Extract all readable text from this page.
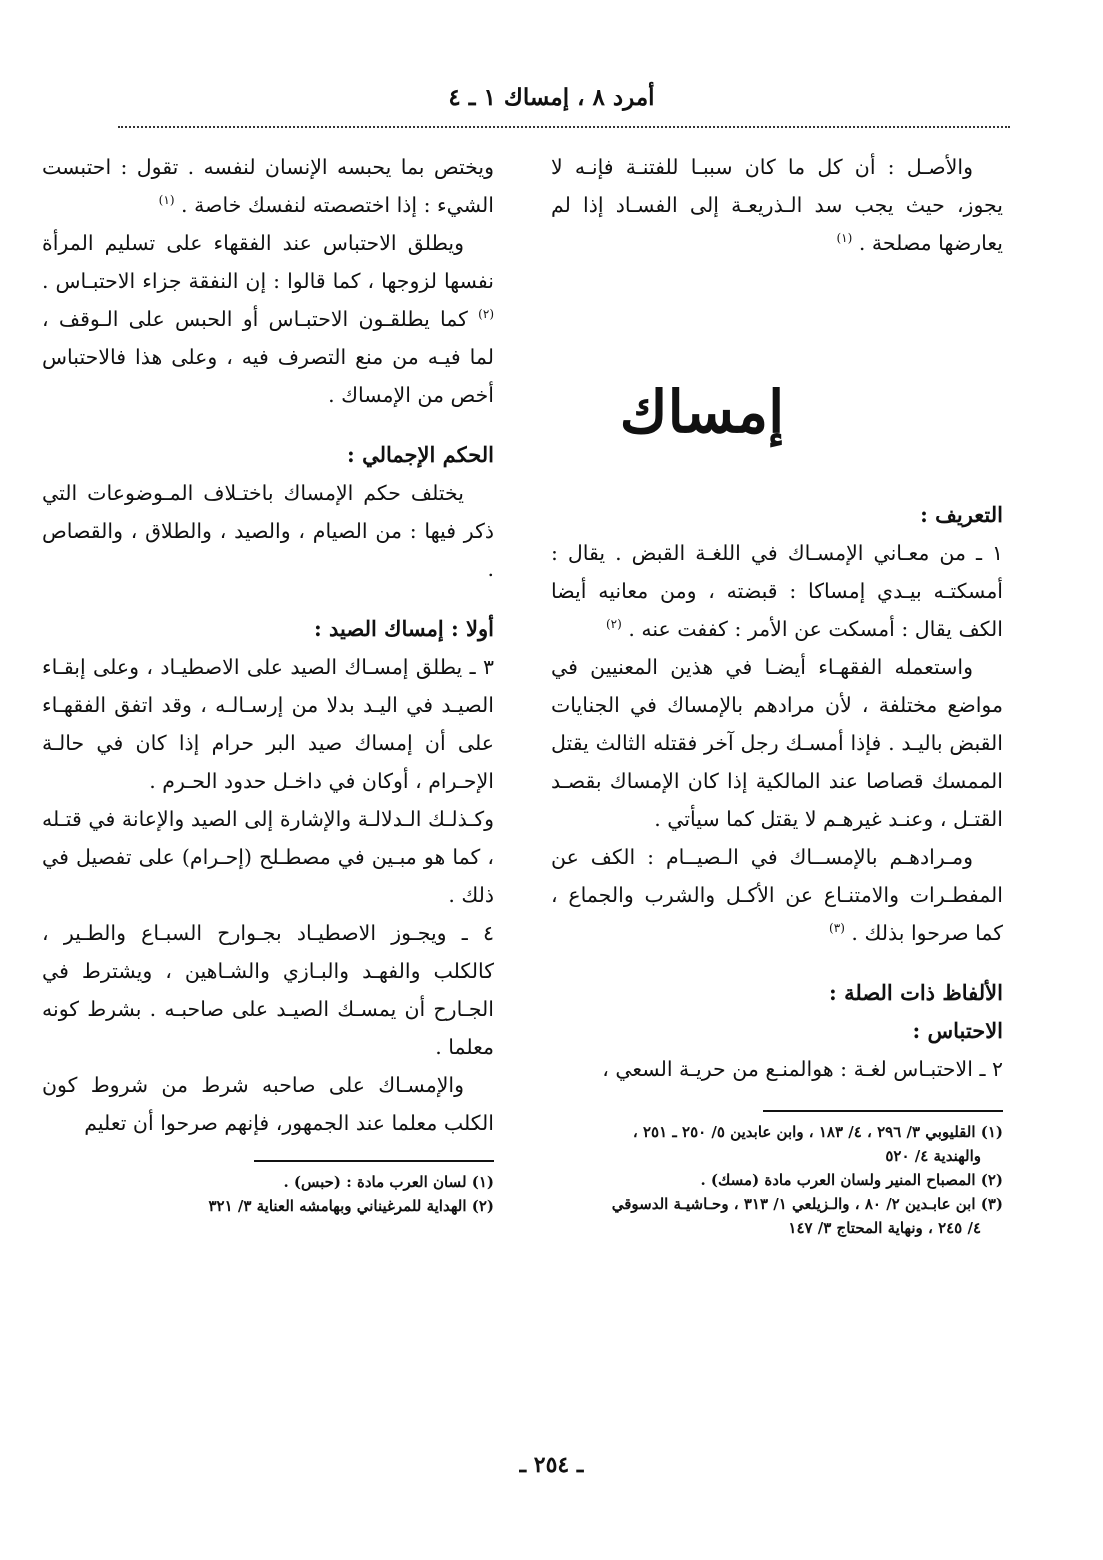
أمرد ٨ ، إمساك ١ ـ ٤

والأصـل : أن كل ما كان سببـا للفتنـة فإنـه لا يجوز، حيث يجب سد الـذريعـة إلى الفسـاد إذا لم يعارضها مصلحة . $^{(١)}$

إمساك

التعريف :

١ ـ من معـاني الإمسـاك في اللغـة القبض . يقال : أمسكتـه بيـدي إمساكا : قبضته ، ومن معانيه أيضا الكف يقال : أمسكت عن الأمر : كففت عنه . $^{(٢)}$

واستعمله الفقهـاء أيضـا في هذين المعنيين في مواضع مختلفة ، لأن مرادهم بالإمساك في الجنايات القبض باليـد . فإذا أمسـك رجل آخر فقتله الثالث يقتل الممسك قصاصا عند المالكية إذا كان الإمساك بقصـد القتـل ، وعنـد غيرهـم لا يقتل كما سيأتي .

ومـرادهـم بالإمســاك في الـصيــام : الكف عن المفطـرات والامتنـاع عن الأكـل والشرب والجماع ، كما صرحوا بذلك . $^{(٣)}$

الألفاظ ذات الصلة :

الاحتباس :

٢ ـ الاحتبـاس لغـة : هوالمنـع من حريـة السعي ،

(١) القليوبي ٣/ ٢٩٦ ، ٤/ ١٨٣ ، وابن عابدين ٥/ ٢٥٠ ـ ٢٥١ ،

والهندية ٤/ ٥٢٠

(٢) المصباح المنير ولسان العرب مادة (مسك) .

(٣) ابن عابـدين ٢/ ٨٠ ، والـزيلعي ١/ ٣١٣ ، وحـاشيـة الدسوقي

٤/ ٢٤٥ ، ونهاية المحتاج ٣/ ١٤٧

ويختص بما يحبسه الإنسان لنفسه . تقول : احتبست الشيء : إذا اختصصته لنفسك خاصة . $^{(١)}$

ويطلق الاحتباس عند الفقهاء على تسليم المرأة نفسها لزوجها ، كما قالوا : إن النفقة جزاء الاحتبـاس . $^{(٢)}$ كما يطلقـون الاحتبـاس أو الحبس على الـوقف ، لما فيـه من منع التصرف فيه ، وعلى هذا فالاحتباس أخص من الإمساك .

الحكم الإجمالي :

يختلف حكم الإمساك باختـلاف المـوضوعات التي ذكر فيها : من الصيام ، والصيد ، والطلاق ، والقصاص .

أولا : إمساك الصيد :

٣ ـ يطلق إمسـاك الصيد على الاصطيـاد ، وعلى إبقـاء الصيـد في اليـد بدلا من إرسـالـه ، وقد اتفق الفقهـاء على أن إمساك صيد البر حرام إذا كان في حالـة الإحـرام ، أوكان في داخـل حدود الحـرم .

وكـذلـك الـدلالـة والإشارة إلى الصيد والإعانة في قتـله ، كما هو مبـين في مصطـلح (إحـرام) على تفصيل في ذلك .

٤ ـ ويجـوز الاصطيـاد بجـوارح السبـاع والطـير ، كالكلب والفهـد والبـازي والشـاهين ، ويشترط في الجـارح أن يمسـك الصيـد على صاحبـه . بشرط كونه معلما .

والإمسـاك على صاحبه شرط من شروط كون الكلب معلما عند الجمهور، فإنهم صرحوا أن تعليم

(١) لسان العرب مادة : (حبس) .

(٢) الهداية للمرغيناني وبهامشه العناية ٣/ ٣٢١

ـ ٢٥٤ ـ
